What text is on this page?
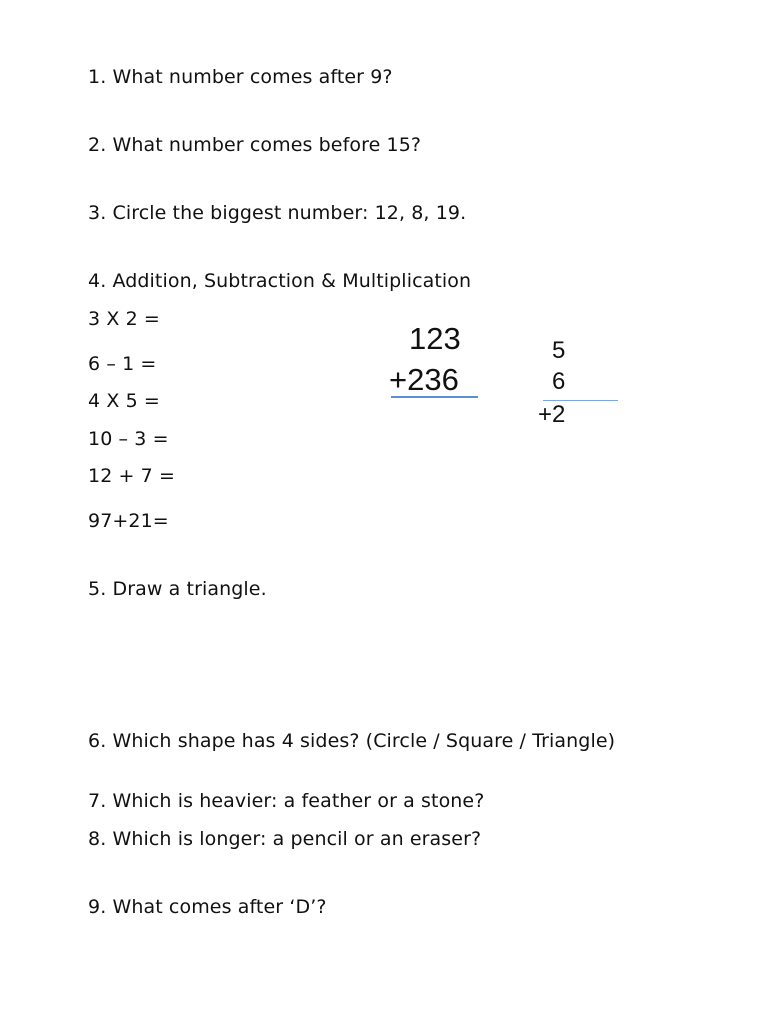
1. What number comes after 9?
2. What number comes before 15?
3. Circle the biggest number: 12, 8, 19.
4. Addition, Subtraction & Multiplication
3 X 2 =
6 – 1 =
4 X 5 =
10 – 3 =
12 + 7 =
97+21=
123
+236
5
6
+2
5. Draw a triangle.
6. Which shape has 4 sides? (Circle / Square / Triangle)
7. Which is heavier: a feather or a stone?
8. Which is longer: a pencil or an eraser?
9. What comes after ‘D’?
